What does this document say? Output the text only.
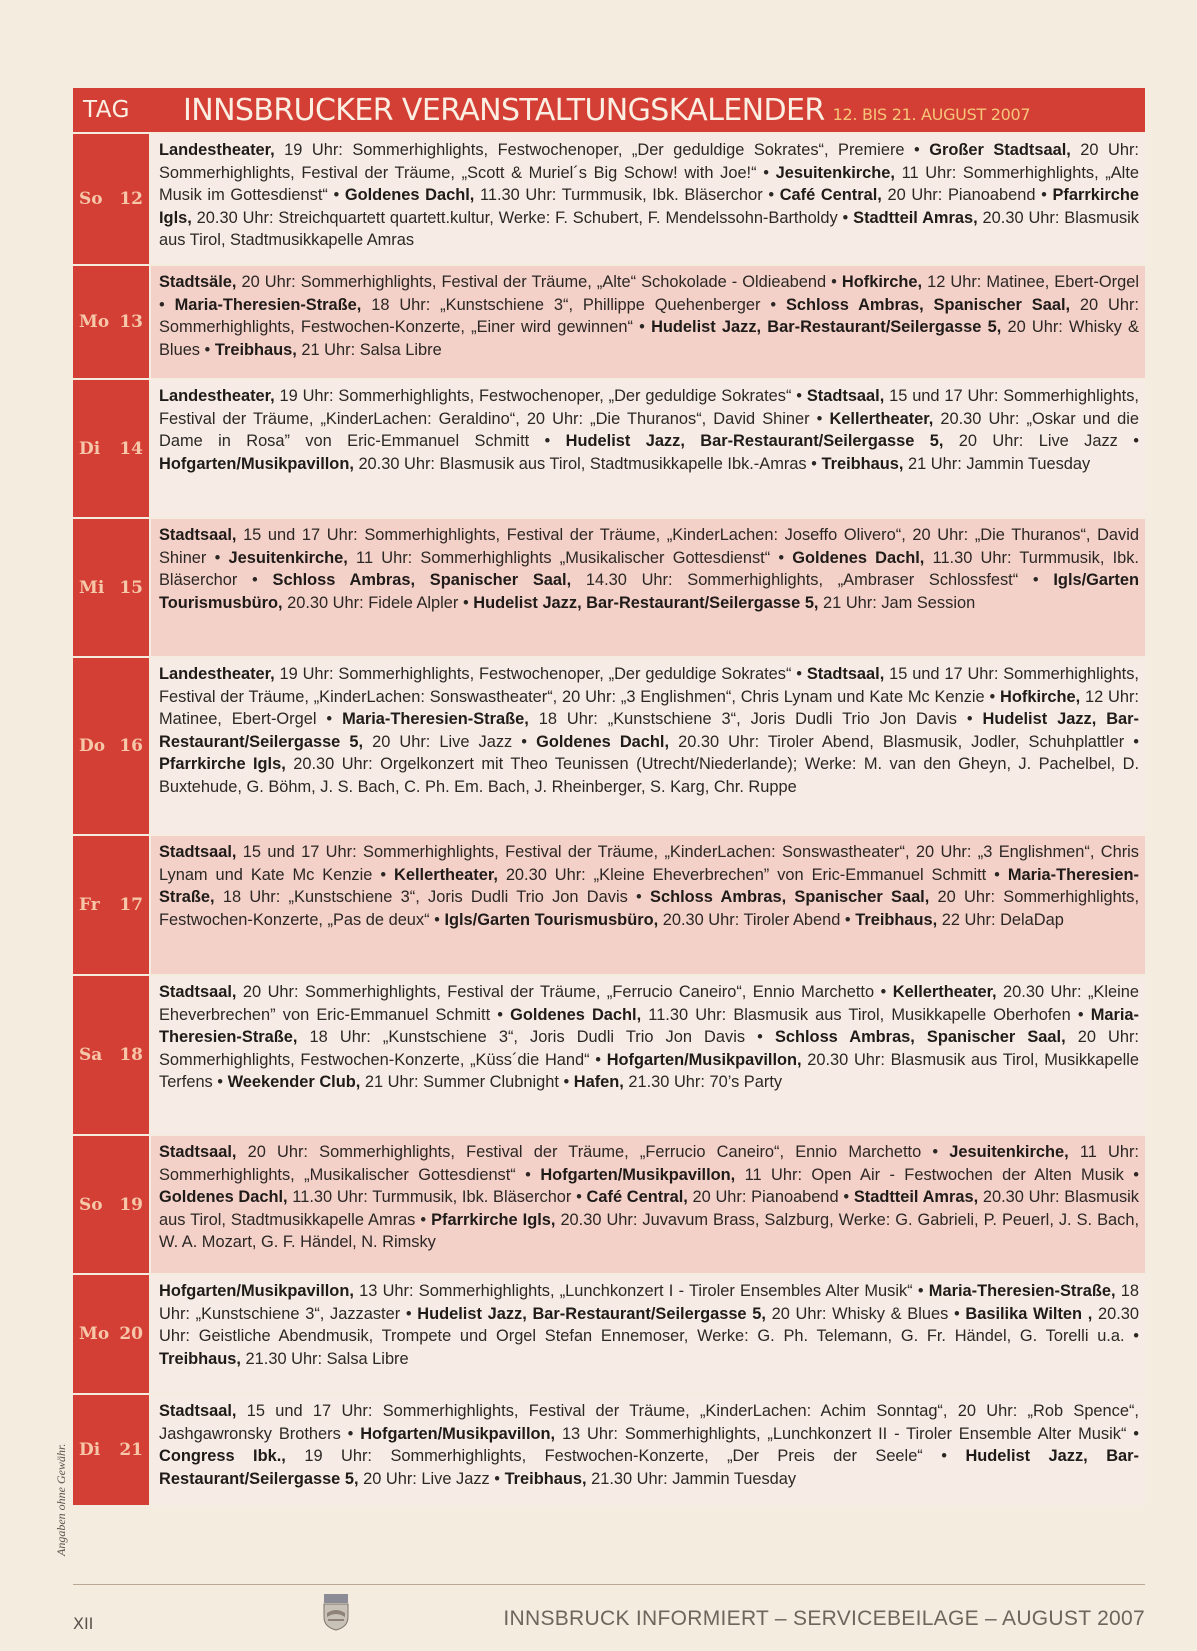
TAG	INNSBRUCKER VERANSTALTUNGSKALENDER 12. BIS 21. AUGUST 2007
So 12
Landestheater, 19 Uhr: Sommerhighlights, Festwochenoper, „Der geduldige Sokrates“, Premiere • Großer Stadtsaal, 20 Uhr: Sommerhighlights, Festival der Träume, „Scott & Muriel´s Big Schow! with Joe!“ • Jesuitenkirche, 11 Uhr: Sommerhighlights, „Alte Musik im Gottesdienst“ • Goldenes Dachl, 11.30 Uhr: Turmmusik, Ibk. Bläserchor • Café Central, 20 Uhr: Pianoabend • Pfarrkirche Igls, 20.30 Uhr: Streichquartett quartett.kultur, Werke: F. Schubert, F. Mendelssohn-Bartholdy • Stadtteil Amras, 20.30 Uhr: Blasmusik aus Tirol, Stadtmusikkapelle Amras
Mo 13
Stadtsäle, 20 Uhr: Sommerhighlights, Festival der Träume, „Alte“ Schokolade - Oldieabend • Hofkirche, 12 Uhr: Matinee, Ebert-Orgel • Maria-Theresien-Straße, 18 Uhr: „Kunstschiene 3“, Phillippe Quehenberger • Schloss Ambras, Spanischer Saal, 20 Uhr: Sommerhighlights, Festwochen-Konzerte, „Einer wird gewinnen“ • Hudelist Jazz, Bar-Restaurant/Seilergasse 5, 20 Uhr: Whisky & Blues • Treibhaus, 21 Uhr: Salsa Libre
Di 14
Landestheater, 19 Uhr: Sommerhighlights, Festwochenoper, „Der geduldige Sokrates“ • Stadtsaal, 15 und 17 Uhr: Sommerhighlights, Festival der Träume, „KinderLachen: Geraldino“, 20 Uhr: „Die Thuranos“, David Shiner • Kellertheater, 20.30 Uhr: „Oskar und die Dame in Rosa” von Eric-Emmanuel Schmitt • Hudelist Jazz, Bar-Restaurant/Seilergasse 5, 20 Uhr: Live Jazz • Hofgarten/Musikpavillon, 20.30 Uhr: Blasmusik aus Tirol, Stadtmusikkapelle Ibk.-Amras • Treibhaus, 21 Uhr: Jammin Tuesday
Mi 15
Stadtsaal, 15 und 17 Uhr: Sommerhighlights, Festival der Träume, „KinderLachen: Joseffo Olivero“, 20 Uhr: „Die Thuranos“, David Shiner • Jesuitenkirche, 11 Uhr: Sommerhighlights „Musikalischer Gottesdienst“ • Goldenes Dachl, 11.30 Uhr: Turmmusik, Ibk. Bläserchor • Schloss Ambras, Spanischer Saal, 14.30 Uhr: Sommerhighlights, „Ambraser Schlossfest“ • Igls/Garten Tourismusbüro, 20.30 Uhr: Fidele Alpler • Hudelist Jazz, Bar-Restaurant/Seilergasse 5, 21 Uhr: Jam Session
Do 16
Landestheater, 19 Uhr: Sommerhighlights, Festwochenoper, „Der geduldige Sokrates“ • Stadtsaal, 15 und 17 Uhr: Sommerhighlights, Festival der Träume, „KinderLachen: Sonswastheater“, 20 Uhr: „3 Englishmen“, Chris Lynam und Kate Mc Kenzie • Hofkirche, 12 Uhr: Matinee, Ebert-Orgel • Maria-Theresien-Straße, 18 Uhr: „Kunstschiene 3“, Joris Dudli Trio Jon Davis • Hudelist Jazz, Bar-Restaurant/Seilergasse 5, 20 Uhr: Live Jazz • Goldenes Dachl, 20.30 Uhr: Tiroler Abend, Blasmusik, Jodler, Schuhplattler • Pfarrkirche Igls, 20.30 Uhr: Orgelkonzert mit Theo Teunissen (Utrecht/Niederlande); Werke: M. van den Gheyn, J. Pachelbel, D. Buxtehude, G. Böhm, J. S. Bach, C. Ph. Em. Bach, J. Rheinberger, S. Karg, Chr. Ruppe
Fr 17
Stadtsaal, 15 und 17 Uhr: Sommerhighlights, Festival der Träume, „KinderLachen: Sonswastheater“, 20 Uhr: „3 Englishmen“, Chris Lynam und Kate Mc Kenzie • Kellertheater, 20.30 Uhr: „Kleine Eheverbrechen” von Eric-Emmanuel Schmitt • Maria-Theresien-Straße, 18 Uhr: „Kunstschiene 3“, Joris Dudli Trio Jon Davis • Schloss Ambras, Spanischer Saal, 20 Uhr: Sommerhighlights, Festwochen-Konzerte, „Pas de deux“ • Igls/Garten Tourismusbüro, 20.30 Uhr: Tiroler Abend • Treibhaus, 22 Uhr: DelaDap
Sa 18
Stadtsaal, 20 Uhr: Sommerhighlights, Festival der Träume, „Ferrucio Caneiro“, Ennio Marchetto • Kellertheater, 20.30 Uhr: „Kleine Eheverbrechen” von Eric-Emmanuel Schmitt • Goldenes Dachl, 11.30 Uhr: Blasmusik aus Tirol, Musikkapelle Oberhofen • Maria-Theresien-Straße, 18 Uhr: „Kunstschiene 3“, Joris Dudli Trio Jon Davis • Schloss Ambras, Spanischer Saal, 20 Uhr: Sommerhighlights, Festwochen-Konzerte, „Küss´die Hand“ • Hofgarten/Musikpavillon, 20.30 Uhr: Blasmusik aus Tirol, Musikkapelle Terfens • Weekender Club, 21 Uhr: Summer Clubnight • Hafen, 21.30 Uhr: 70’s Party
So 19
Stadtsaal, 20 Uhr: Sommerhighlights, Festival der Träume, „Ferrucio Caneiro“, Ennio Marchetto • Jesuitenkirche, 11 Uhr: Sommerhighlights, „Musikalischer Gottesdienst“ • Hofgarten/Musikpavillon, 11 Uhr: Open Air - Festwochen der Alten Musik • Goldenes Dachl, 11.30 Uhr: Turmmusik, Ibk. Bläserchor • Café Central, 20 Uhr: Pianoabend • Stadtteil Amras, 20.30 Uhr: Blasmusik aus Tirol, Stadtmusikkapelle Amras • Pfarrkirche Igls, 20.30 Uhr: Juvavum Brass, Salzburg, Werke: G. Gabrieli, P. Peuerl, J. S. Bach, W. A. Mozart, G. F. Händel, N. Rimsky
Mo 20
Hofgarten/Musikpavillon, 13 Uhr: Sommerhighlights, „Lunchkonzert I - Tiroler Ensembles Alter Musik“ • Maria-Theresien-Straße, 18 Uhr: „Kunstschiene 3“, Jazzaster • Hudelist Jazz, Bar-Restaurant/Seilergasse 5, 20 Uhr: Whisky & Blues • Basilika Wilten , 20.30 Uhr: Geistliche Abendmusik, Trompete und Orgel Stefan Ennemoser, Werke: G. Ph. Telemann, G. Fr. Händel, G. Torelli u.a. • Treibhaus, 21.30 Uhr: Salsa Libre
Di 21
Stadtsaal, 15 und 17 Uhr: Sommerhighlights, Festival der Träume, „KinderLachen: Achim Sonntag“, 20 Uhr: „Rob Spence“, Jashgawronsky Brothers • Hofgarten/Musikpavillon, 13 Uhr: Sommerhighlights, „Lunchkonzert II - Tiroler Ensemble Alter Musik“ • Congress Ibk., 19 Uhr: Sommerhighlights, Festwochen-Konzerte, „Der Preis der Seele“ • Hudelist Jazz, Bar-Restaurant/Seilergasse 5, 20 Uhr: Live Jazz • Treibhaus, 21.30 Uhr: Jammin Tuesday
Angaben ohne Gewähr.
XII	INNSBRUCK INFORMIERT – SERVICEBEILAGE – AUGUST 2007
